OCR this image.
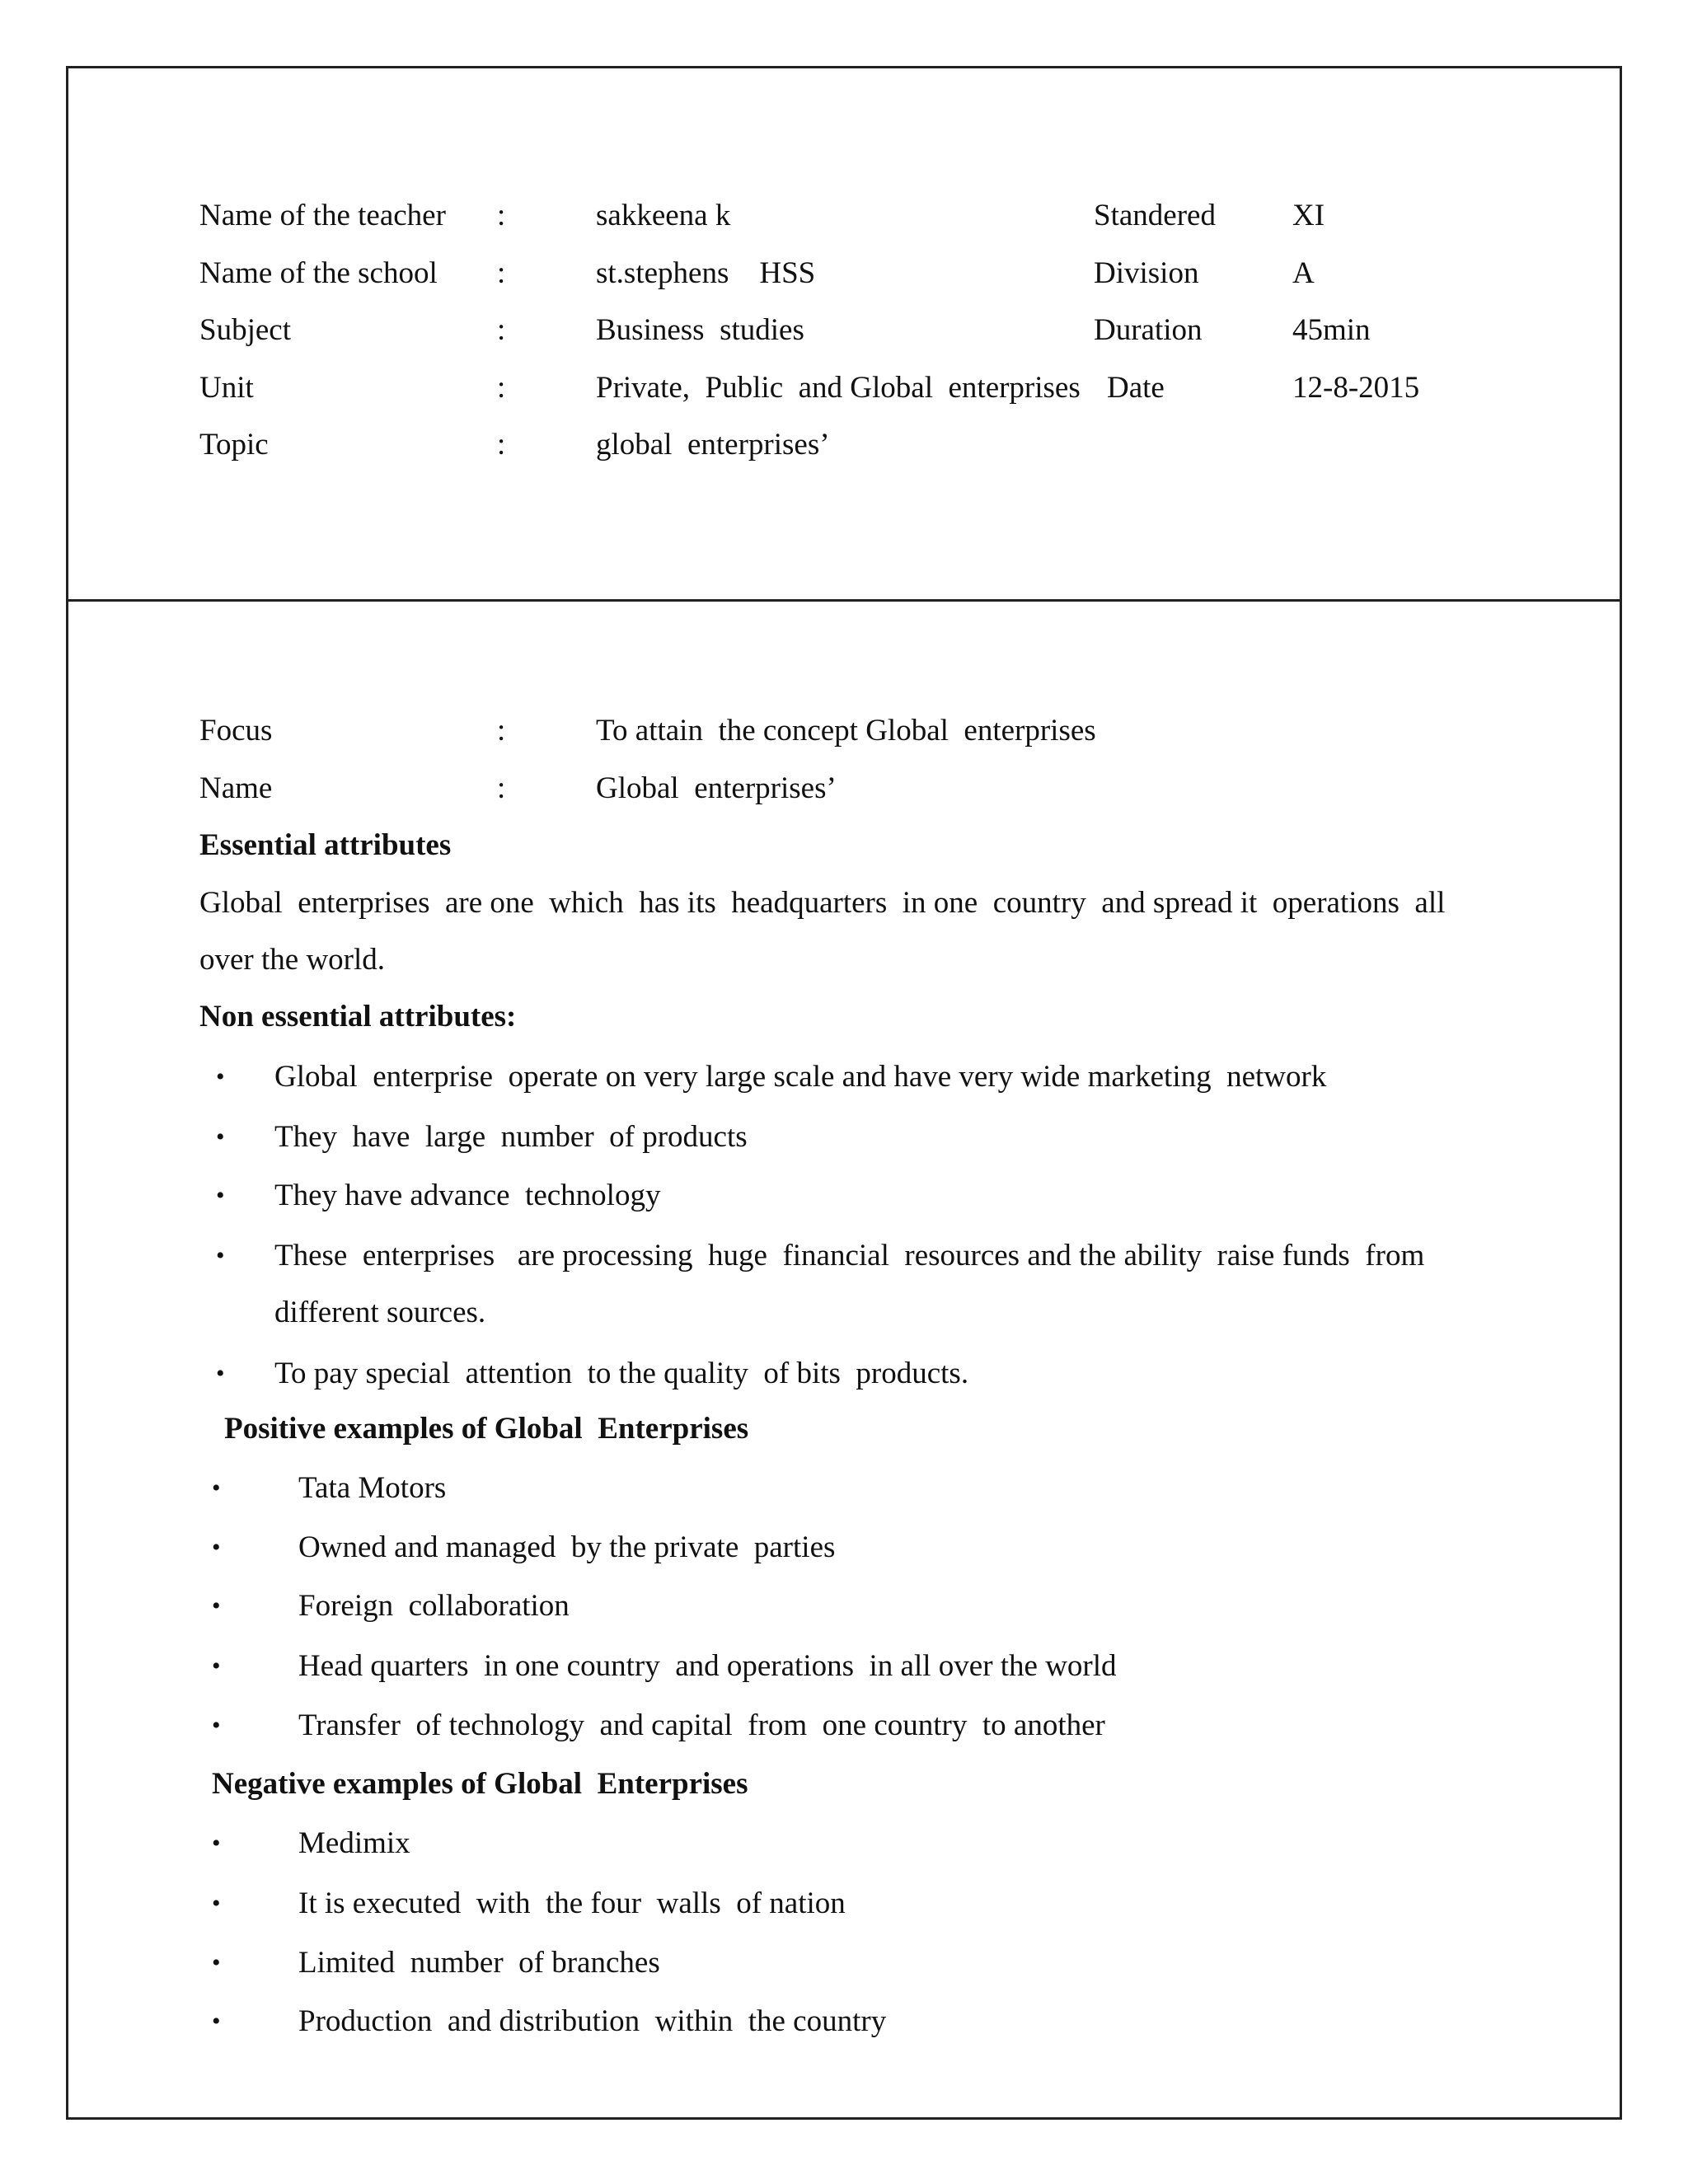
Name of the teacher :	sakkeena k	Standered	XI
Name of the school :	st.stephens    HSS	Division	A
Subject	:	Business  studies	Duration	45min
Unit	:	Private,  Public  and Global  enterprises Date	12-8-2015
Topic	:	global  enterprises’
Focus	:	To attain  the concept Global  enterprises
Name	:	Global  enterprises’
Essential attributes
Global  enterprises  are one  which  has its  headquarters  in one  country  and spread it  operations  all
over the world.
Non essential attributes:
• Global  enterprise  operate on very large scale and have very wide marketing  network
• They  have  large  number  of products
• They have advance  technology
• These  enterprises   are processing  huge  financial  resources and the ability  raise funds  from
different sources.
• To pay special  attention  to the quality  of bits  products.
Positive examples of Global  Enterprises
•	Tata Motors
•	Owned and managed  by the private  parties
•	Foreign  collaboration
•	Head quarters  in one country  and operations  in all over the world
•	Transfer  of technology  and capital  from  one country  to another
Negative examples of Global  Enterprises
•	Medimix
•	It is executed  with  the four  walls  of nation
•	Limited  number  of branches
•	Production  and distribution  within  the country
